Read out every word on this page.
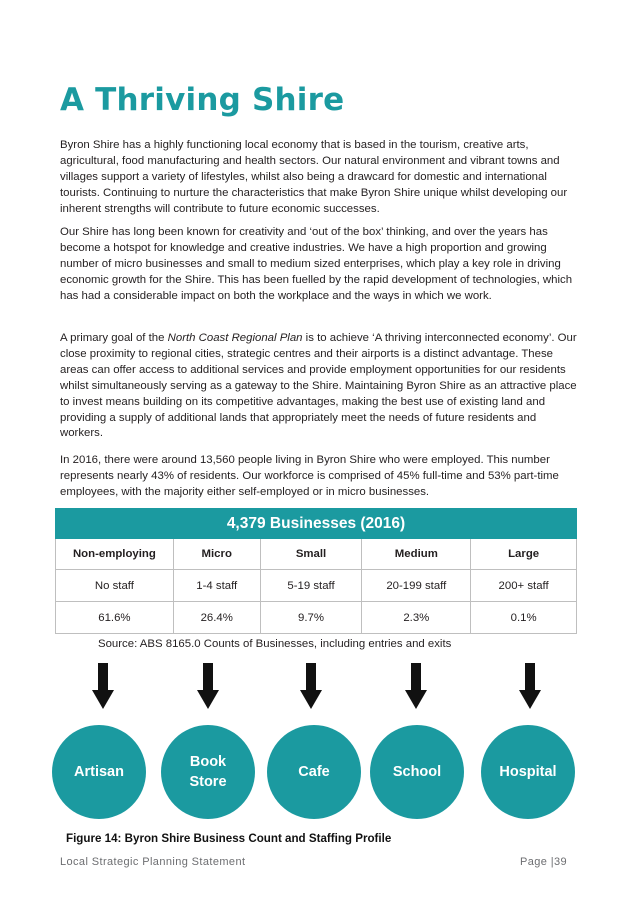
A Thriving Shire

Byron Shire has a highly functioning local economy that is based in the tourism, creative arts, agricultural, food manufacturing and health sectors. Our natural environment and vibrant towns and villages support a variety of lifestyles, whilst also being a drawcard for domestic and international tourists. Continuing to nurture the characteristics that make Byron Shire unique whilst developing our inherent strengths will contribute to future economic successes.

Our Shire has long been known for creativity and ‘out of the box’ thinking, and over the years has become a hotspot for knowledge and creative industries. We have a high proportion and growing number of micro businesses and small to medium sized enterprises, which play a key role in driving economic growth for the Shire. This has been fuelled by the rapid development of technologies, which has had a considerable impact on both the workplace and the ways in which we work.

A primary goal of the North Coast Regional Plan is to achieve ‘A thriving interconnected economy’. Our close proximity to regional cities, strategic centres and their airports is a distinct advantage. These areas can offer access to additional services and provide employment opportunities for our residents whilst simultaneously serving as a gateway to the Shire. Maintaining Byron Shire as an attractive place to invest means building on its competitive advantages, making the best use of existing land and providing a supply of additional lands that appropriately meet the needs of future residents and workers.

In 2016, there were around 13,560 people living in Byron Shire who were employed. This number represents nearly 43% of residents. Our workforce is comprised of 45% full-time and 53% part-time employees, with the majority either self-employed or in micro businesses.

4,379 Businesses (2016)				
Non-employing	Micro	Small	Medium	Large
No staff	1-4 staff	5-19 staff	20-199 staff	200+ staff
61.6%	26.4%	9.7%	2.3%	0.1%
Source: ABS 8165.0 Counts of Businesses, including entries and exits
Artisan
Book
Store
Cafe	School	Hospital
Figure 14: Byron Shire Business Count and Staffing Profile
Local Strategic Planning Statement	Page |39
